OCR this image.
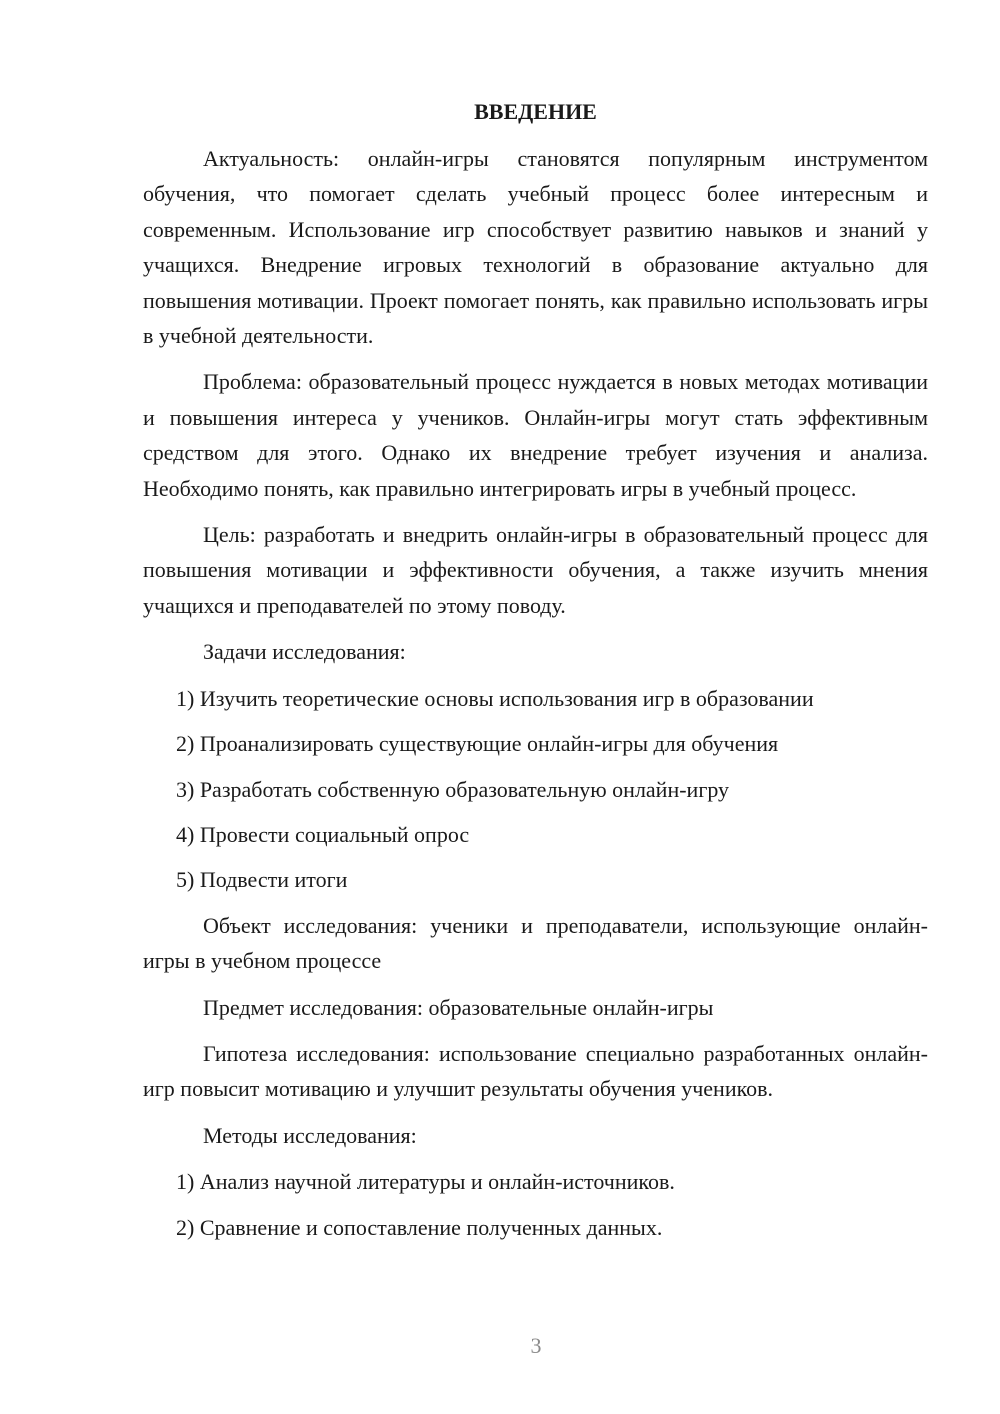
ВВЕДЕНИЕ

Актуальность: онлайн-игры становятся популярным инструментом обучения, что помогает сделать учебный процесс более интересным и современным. Использование игр способствует развитию навыков и знаний у учащихся. Внедрение игровых технологий в образование актуально для повышения мотивации. Проект помогает понять, как правильно использовать игры в учебной деятельности.

Проблема: образовательный процесс нуждается в новых методах мотивации и повышения интереса у учеников. Онлайн-игры могут стать эффективным средством для этого. Однако их внедрение требует изучения и анализа. Необходимо понять, как правильно интегрировать игры в учебный процесс.

Цель: разработать и внедрить онлайн-игры в образовательный процесс для повышения мотивации и эффективности обучения, а также изучить мнения учащихся и преподавателей по этому поводу.

Задачи исследования:

1) Изучить теоретические основы использования игр в образовании
2) Проанализировать существующие онлайн-игры для обучения
3) Разработать собственную образовательную онлайн-игру
4) Провести социальный опрос
5) Подвести итоги

Объект исследования: ученики и преподаватели, использующие онлайн-игры в учебном процессе

Предмет исследования: образовательные онлайн-игры

Гипотеза исследования: использование специально разработанных онлайн-игр повысит мотивацию и улучшит результаты обучения учеников.

Методы исследования:

1) Анализ научной литературы и онлайн-источников.
2) Сравнение и сопоставление полученных данных.
3
